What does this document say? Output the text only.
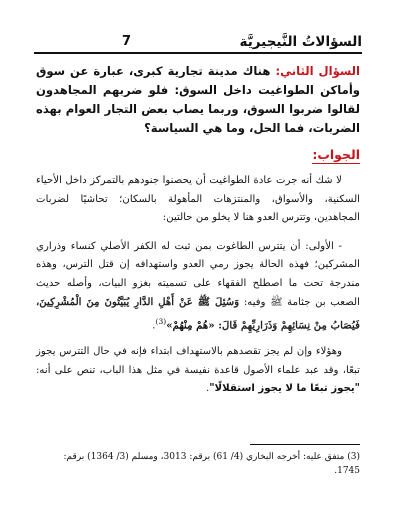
7	السؤالاتُ النَّيجيريَّة

السؤال الثاني: هناك مدينة تجارية كبرى، عبارة عن سوق وأماكن الطواغيت داخل السوق: فلو ضربهم المجاهدون لقالوا ضربوا السوق، وربما يصاب بعض التجار العوام بهذه الضربات، فما الحل، وما هي السياسة؟

الجواب:

لا شك أنه جرت عادة الطواغيت أن يحصنوا جنودهم بالتمركز داخل الأحياء السكنية، والأسواق، والمنتزهات المأهولة بالسكان؛ تحاشيًا لضربات المجاهدين، وتترس العدو هنا لا يخلو من حالتين:

- الأولى: أن يتترس الطاغوت بمن ثبت له الكفر الأصلي كنساء وذراري المشركين؛ فهذه الحالة يجوز رمي العدو واستهدافه إن قتل الترس، وهذه مندرجة تحت ما اصطلح الفقهاء على تسميته بغزو البيات، وأصله حديث الصعب بن جثامة ﷺ وفيه: وَسُئِلَ ﷺ عَنْ أَهْلِ الدَّارِ يُبَيَّتُونَ مِنَ الْمُشْرِكِينَ، فَيُصَابُ مِنْ نِسَائِهِمْ وَذَرَارِيِّهِمْ قَالَ: «هُمْ مِنْهُمْ»$^{(3)}$.

وهؤلاء وإن لم يجز تقصدهم بالاستهداف ابتداء فإنه في حال التترس يجوز تبعًا، وقد عبد علماء الأصول قاعدة نفيسة في مثل هذا الباب، تنص على أنه: "يجوز تبعًا ما لا يجوز استقلالًا".

(3) متفق عليه: أخرجه البخاري (4/ 61) برقم: 3013، ومسلم (3/ 1364) برقم: 1745.
